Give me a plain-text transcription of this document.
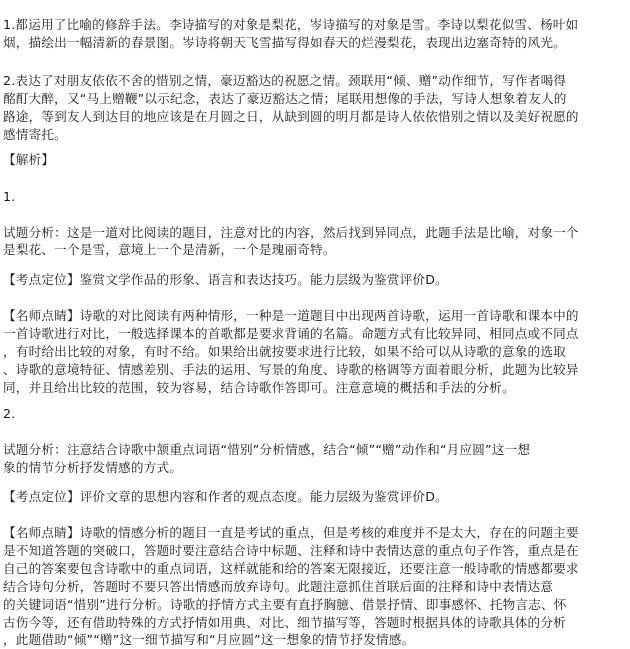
1.都运用了比喻的修辞手法。李诗描写的对象是梨花，岑诗描写的对象是雪。李诗以梨花似雪、杨叶如
烟，描绘出一幅清新的春景图。岑诗将朝天飞雪描写得如春天的烂漫梨花，表现出边塞奇特的风光。
2.表达了对朋友依依不舍的惜别之情，豪迈豁达的祝愿之情。颈联用“倾、赠”动作细节，写作者喝得
酩酊大醉，又“马上赠鞭”以示纪念，表达了豪迈豁达之情；尾联用想像的手法，写诗人想象着友人的
路途，等到友人到达目的地应该是在月圆之日，从缺到圆的明月都是诗人依依惜别之情以及美好祝愿的
感情寄托。
【解析】
1.
试题分析：这是一道对比阅读的题目，注意对比的内容，然后找到异同点，此题手法是比喻，对象一个
是梨花、一个是雪，意境上一个是清新，一个是瑰丽奇特。
【考点定位】鉴赏文学作品的形象、语言和表达技巧。能力层级为鉴赏评价D。
【名师点睛】诗歌的对比阅读有两种情形，一种是一道题目中出现两首诗歌，运用一首诗歌和课本中的
一首诗歌进行对比，一般选择课本的首歌都是要求背诵的名篇。命题方式有比较异同、相同点或不同点
，有时给出比较的对象，有时不给。如果给出就按要求进行比较，如果不给可以从诗歌的意象的选取
、诗歌的意境特征、情感差别、手法的运用、写景的角度、诗歌的格调等方面着眼分析，此题为比较异
同，并且给出比较的范围，较为容易，结合诗歌作答即可。注意意境的概括和手法的分析。
2.
试题分析：注意结合诗歌中颔重点词语“惜别”分析情感，结合“倾”“赠”动作和“月应圆”这一想
象的情节分析抒发情感的方式。
【考点定位】评价文章的思想内容和作者的观点态度。能力层级为鉴赏评价D。
【名师点睛】诗歌的情感分析的题目一直是考试的重点，但是考核的难度并不是太大，存在的问题主要
是不知道答题的突破口，答题时要注意结合诗中标题、注释和诗中表情达意的重点句子作答，重点是在
自己的答案要包含诗歌中的重点词语，这样就能和给的答案无限接近，还要注意一般诗歌的情感都要求
结合诗句分析，答题时不要只答出情感而放弃诗句。此题注意抓住首联后面的注释和诗中表情达意
的关键词语“惜别”进行分析。诗歌的抒情方式主要有直抒胸臆、借景抒情、即事感怀、托物言志、怀
古伤今等，还有借助特殊的方式抒情如用典、对比、细节描写等，答题时根据具体的诗歌具体的分析
，此题借助“倾”“赠”这一细节描写和“月应圆”这一想象的情节抒发情感。
